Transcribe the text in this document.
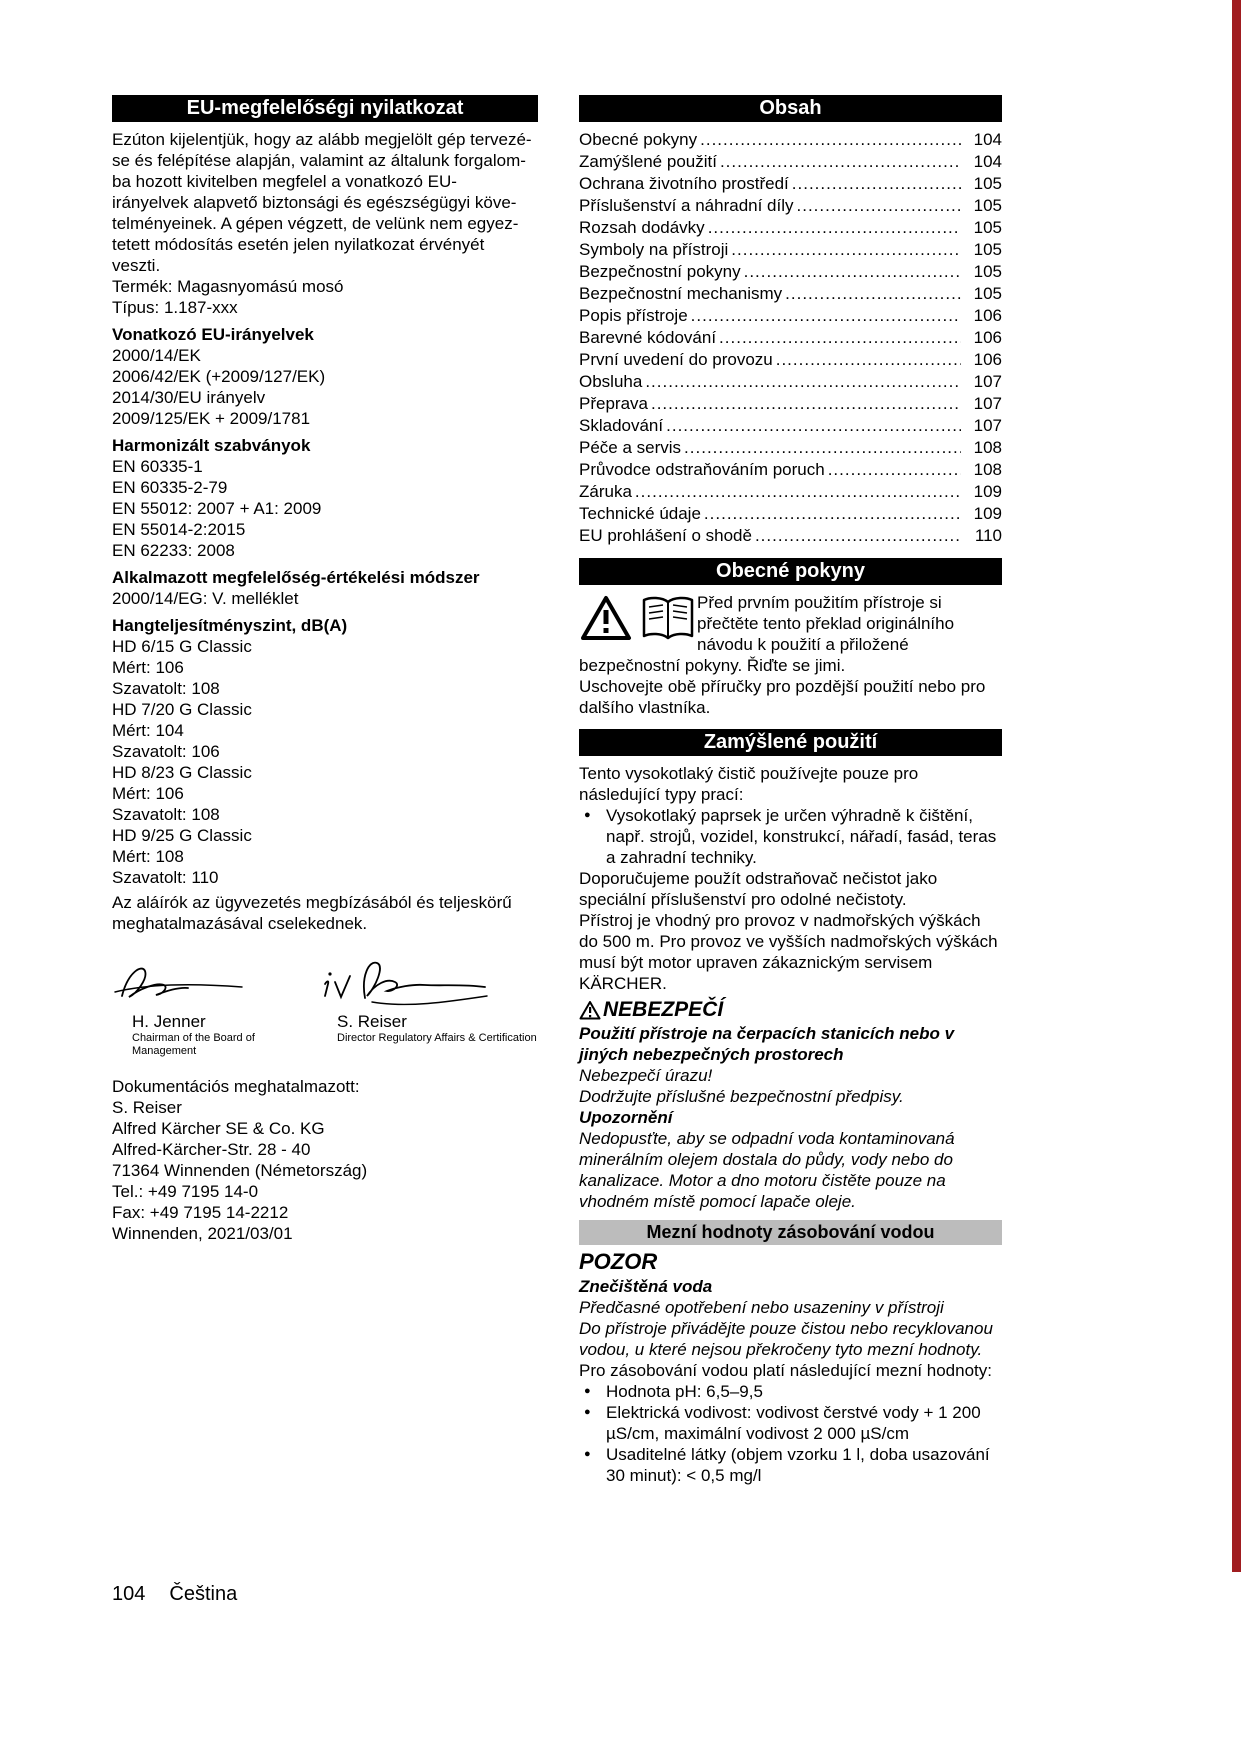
EU-megfelelőségi nyilatkozat
Ezúton kijelentjük, hogy az alább megjelölt gép tervezé-
se és felépítése alapján, valamint az általunk forgalom-
ba hozott kivitelben megfelel a vonatkozó EU-
irányelvek alapvető biztonsági és egészségügyi köve-
telményeinek. A gépen végzett, de velünk nem egyez-
tetett módosítás esetén jelen nyilatkozat érvényét
veszti.
Termék: Magasnyomású mosó
Típus: 1.187-xxx
Vonatkozó EU-irányelvek
2000/14/EK
2006/42/EK (+2009/127/EK)
2014/30/EU irányelv
2009/125/EK + 2009/1781
Harmonizált szabványok
EN 60335-1
EN 60335-2-79
EN 55012: 2007 + A1: 2009
EN 55014-2:2015
EN 62233: 2008
Alkalmazott megfelelőség-értékelési módszer
2000/14/EG: V. melléklet
Hangteljesítményszint, dB(A)
HD 6/15 G Classic
Mért: 106
Szavatolt: 108
HD 7/20 G Classic
Mért: 104
Szavatolt: 106
HD 8/23 G Classic
Mért: 106
Szavatolt: 108
HD 9/25 G Classic
Mért: 108
Szavatolt: 110

Az aláírók az ügyvezetés megbízásából és teljeskörű meghatalmazásával cselekednek.

H. Jenner
Chairman of the Board of Management
S. Reiser
Director Regulatory Affairs & Certification
Dokumentációs meghatalmazott:
S. Reiser
Alfred Kärcher SE & Co. KG
Alfred-Kärcher-Str. 28 - 40
71364 Winnenden (Németország)
Tel.: +49 7195 14-0
Fax: +49 7195 14-2212
Winnenden, 2021/03/01
Obsah
Obecné pokyny .....	104
Zamýšlené použití .....	104
Ochrana životního prostředí .....	105
Příslušenství a náhradní díly .....	105
Rozsah dodávky .....	105
Symboly na přístroji .....	105
Bezpečnostní pokyny .....	105
Bezpečnostní mechanismy .....	105
Popis přístroje .....	106
Barevné kódování .....	106
První uvedení do provozu .....	106
Obsluha .....	107
Přeprava .....	107
Skladování .....	107
Péče a servis .....	108
Průvodce odstraňováním poruch .....	108
Záruka .....	109
Technické údaje .....	109
EU prohlášení o shodě .....	110
Obecné pokyny

Před prvním použitím přístroje si přečtěte tento překlad originálního návodu k použití a přiložené bezpečnostní pokyny. Řiďte se jimi.

Uschovejte obě příručky pro pozdější použití nebo pro dalšího vlastníka.

Zamýšlené použití

Tento vysokotlaký čistič používejte pouze pro následující typy prací:

● Vysokotlaký paprsek je určen výhradně k čištění, např. strojů, vozidel, konstrukcí, nářadí, fasád, teras a zahradní techniky.

Doporučujeme použít odstraňovač nečistot jako speciální příslušenství pro odolné nečistoty.

Přístroj je vhodný pro provoz v nadmořských výškách do 500 m. Pro provoz ve vyšších nadmořských výškách musí být motor upraven zákaznickým servisem KÄRCHER.

NEBEZPEČÍ

Použití přístroje na čerpacích stanicích nebo v jiných nebezpečných prostorech

Nebezpečí úrazu!

Dodržujte příslušné bezpečnostní předpisy.

Upozornění

Nedopusťte, aby se odpadní voda kontaminovaná minerálním olejem dostala do půdy, vody nebo do kanalizace. Motor a dno motoru čistěte pouze na vhodném místě pomocí lapače oleje.

Mezní hodnoty zásobování vodou
POZOR

Znečištěná voda

Předčasné opotřebení nebo usazeniny v přístroji

Do přístroje přivádějte pouze čistou nebo recyklovanou vodou, u které nejsou překročeny tyto mezní hodnoty.

Pro zásobování vodou platí následující mezní hodnoty:

● Hodnota pH: 6,5–9,5
● Elektrická vodivost: vodivost čerstvé vody + 1 200 µS/cm, maximální vodivost 2 000 µS/cm
● Usaditelné látky (objem vzorku 1 l, doba usazování 30 minut): < 0,5 mg/l
104 Čeština
